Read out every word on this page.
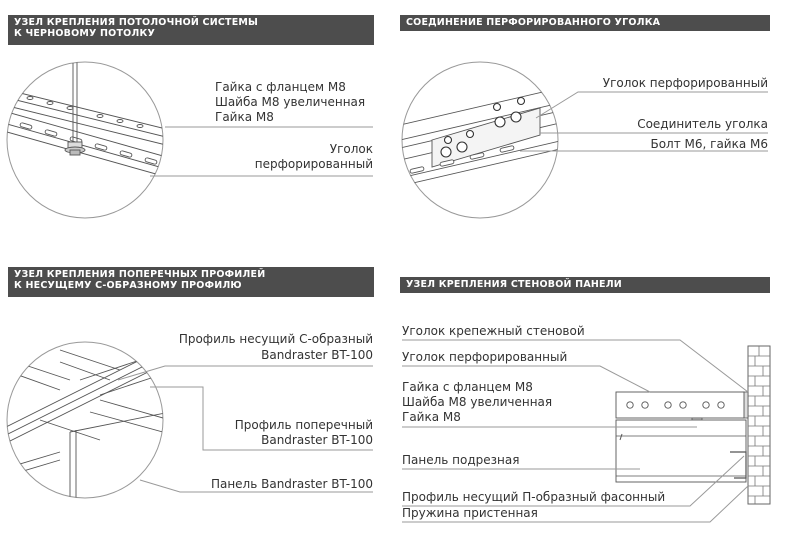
УЗЕЛ КРЕПЛЕНИЯ ПОТОЛОЧНОЙ СИСТЕМЫ
К ЧЕРНОВОМУ ПОТОЛКУ
СОЕДИНЕНИЕ ПЕРФОРИРОВАННОГО УГОЛКА
УЗЕЛ КРЕПЛЕНИЯ ПОПЕРЕЧНЫХ ПРОФИЛЕЙ
К НЕСУЩЕМУ С-ОБРАЗНОМУ ПРОФИЛЮ	УЗЕЛ КРЕПЛЕНИЯ СТЕНОВОЙ ПАНЕЛИ
Гайка с фланцем М8
Шайба М8 увеличенная
Гайка М8
Уголок
перфорированный
Уголок перфорированный
Соединитель уголка
Болт М6, гайка М6
Профиль несущий С-образный
Bandraster BT-100
Профиль поперечный
Bandraster BT-100
Панель Bandraster BT-100
Уголок крепежный стеновой
Уголок перфорированный
Гайка с фланцем М8
Шайба М8 увеличенная
Гайка М8
Панель подрезная
Профиль несущий П-образный фасонный
Пружина пристенная
